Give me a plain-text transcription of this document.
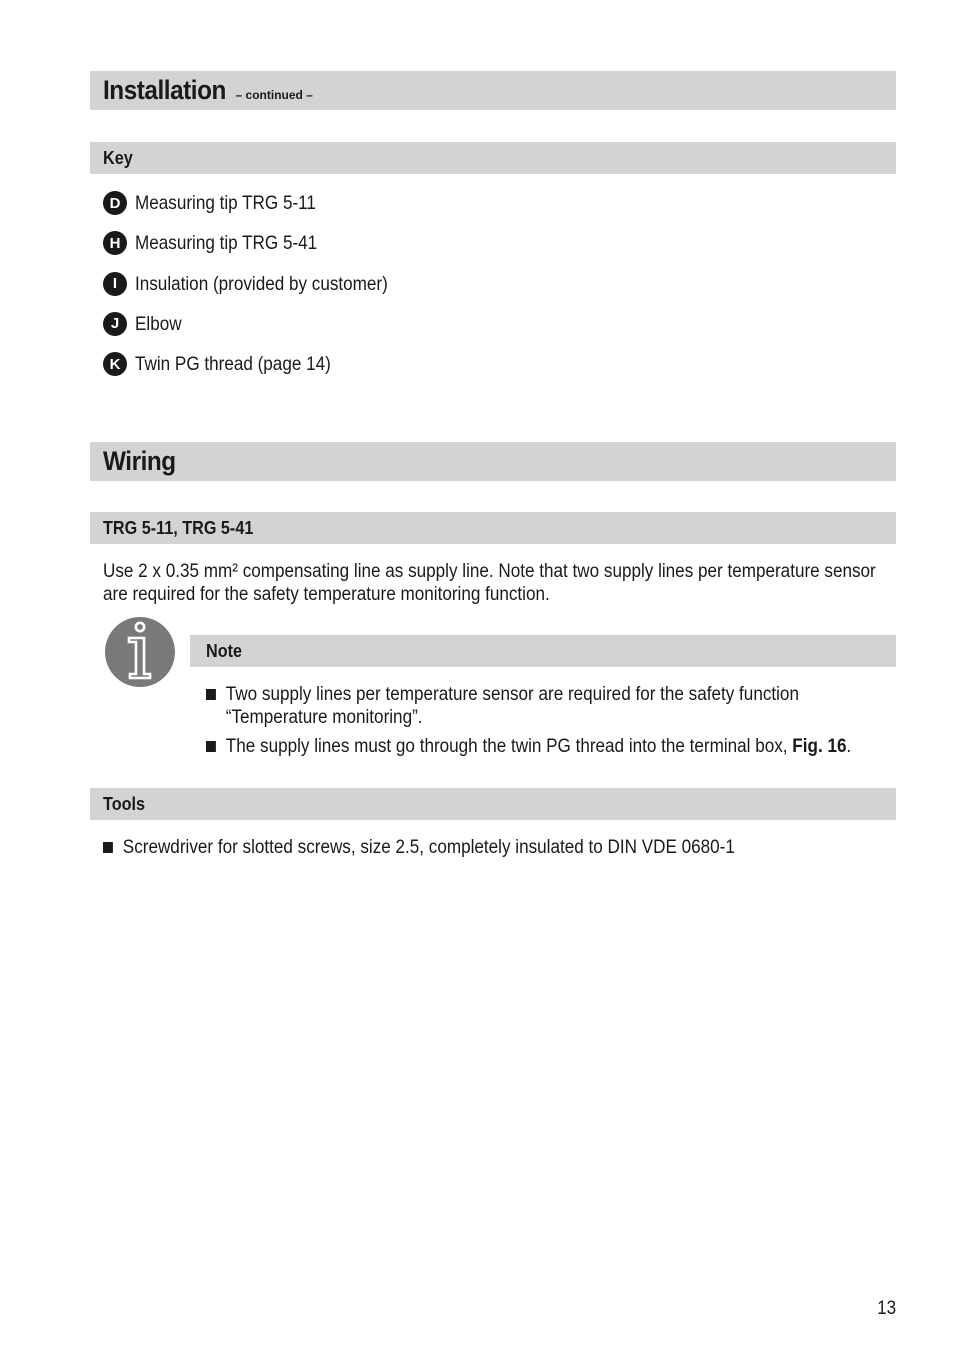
Installation – continued –
Key
D Measuring tip TRG 5-11
H Measuring tip TRG 5-41
I Insulation (provided by customer)
J Elbow
K Twin PG thread (page 14)
Wiring
TRG 5-11, TRG 5-41
Use 2 x 0.35 mm² compensating line as supply line. Note that two supply lines per temperature sensor are required for the safety temperature monitoring function.
Note
Two supply lines per temperature sensor are required for the safety function “Temperature monitoring”.
The supply lines must go through the twin PG thread into the terminal box, Fig. 16.
Tools
Screwdriver for slotted screws, size 2.5, completely insulated to DIN VDE 0680-1
13
